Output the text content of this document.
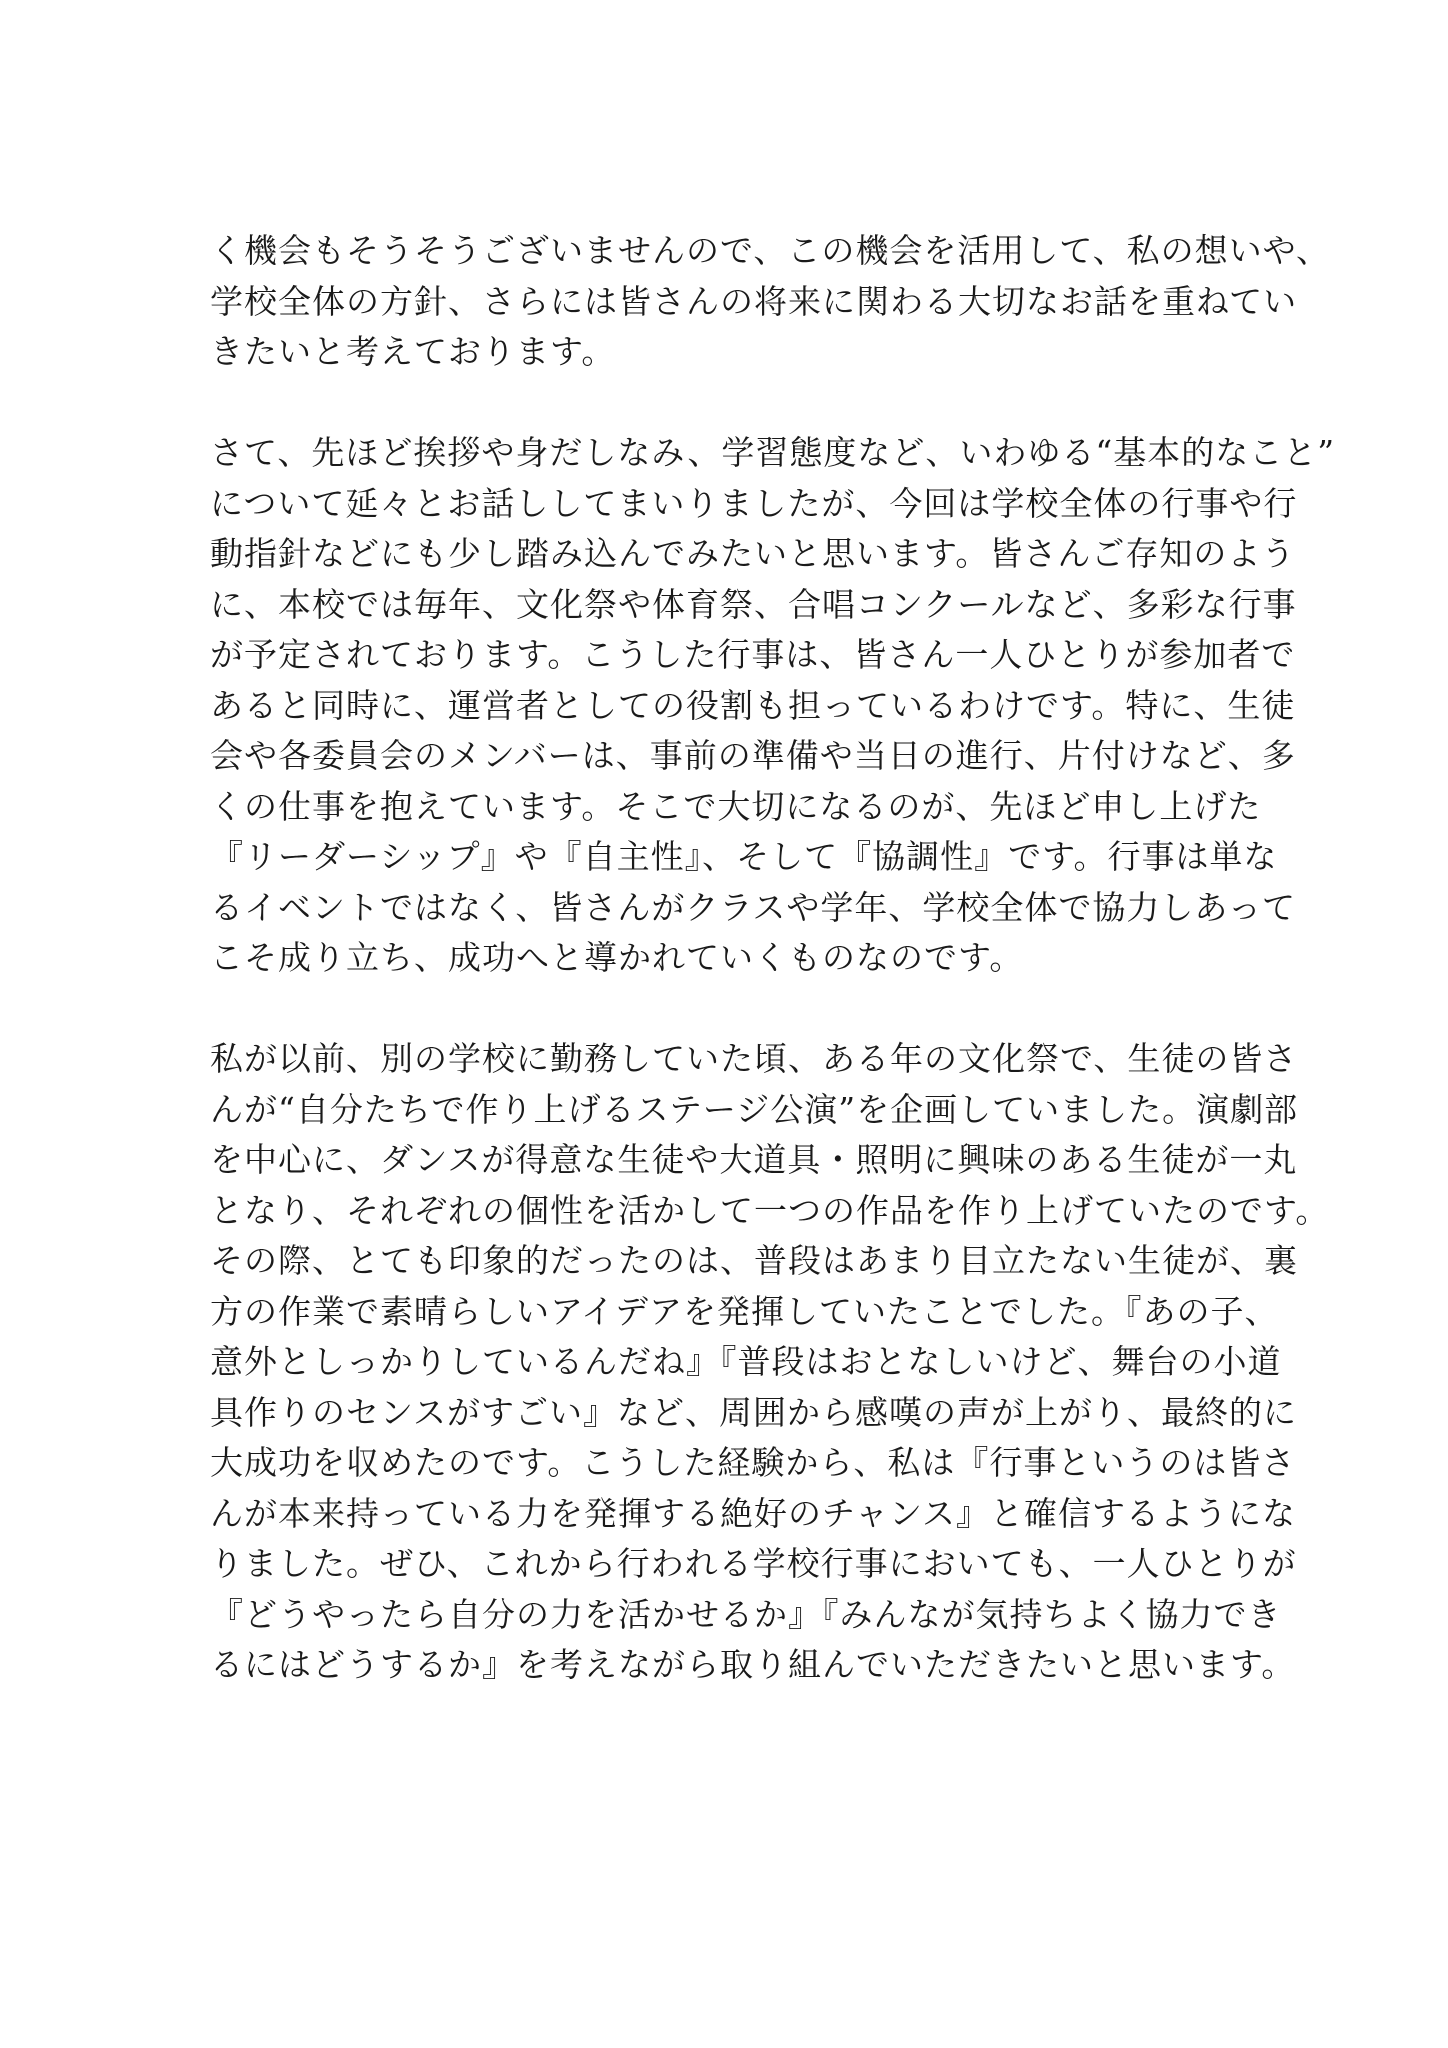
く機会もそうそうございませんので、この機会を活用して、私の想いや、
学校全体の方針、さらには皆さんの将来に関わる大切なお話を重ねてい
きたいと考えております。

さて、先ほど挨拶や身だしなみ、学習態度など、いわゆる“基本的なこと”
について延々とお話ししてまいりましたが、今回は学校全体の行事や行
動指針などにも少し踏み込んでみたいと思います。皆さんご存知のよう
に、本校では毎年、文化祭や体育祭、合唱コンクールなど、多彩な行事
が予定されております。こうした行事は、皆さん一人ひとりが参加者で
あると同時に、運営者としての役割も担っているわけです。特に、生徒
会や各委員会のメンバーは、事前の準備や当日の進行、片付けなど、多
くの仕事を抱えています。そこで大切になるのが、先ほど申し上げた
『リーダーシップ』や『自主性』、そして『協調性』です。行事は単な
るイベントではなく、皆さんがクラスや学年、学校全体で協力しあって
こそ成り立ち、成功へと導かれていくものなのです。

私が以前、別の学校に勤務していた頃、ある年の文化祭で、生徒の皆さ
んが“自分たちで作り上げるステージ公演”を企画していました。演劇部
を中心に、ダンスが得意な生徒や大道具・照明に興味のある生徒が一丸
となり、それぞれの個性を活かして一つの作品を作り上げていたのです。
その際、とても印象的だったのは、普段はあまり目立たない生徒が、裏
方の作業で素晴らしいアイデアを発揮していたことでした。『あの子、
意外としっかりしているんだね』『普段はおとなしいけど、舞台の小道
具作りのセンスがすごい』など、周囲から感嘆の声が上がり、最終的に
大成功を収めたのです。こうした経験から、私は『行事というのは皆さ
んが本来持っている力を発揮する絶好のチャンス』と確信するようにな
りました。ぜひ、これから行われる学校行事においても、一人ひとりが
『どうやったら自分の力を活かせるか』『みんなが気持ちよく協力でき
るにはどうするか』を考えながら取り組んでいただきたいと思います。
